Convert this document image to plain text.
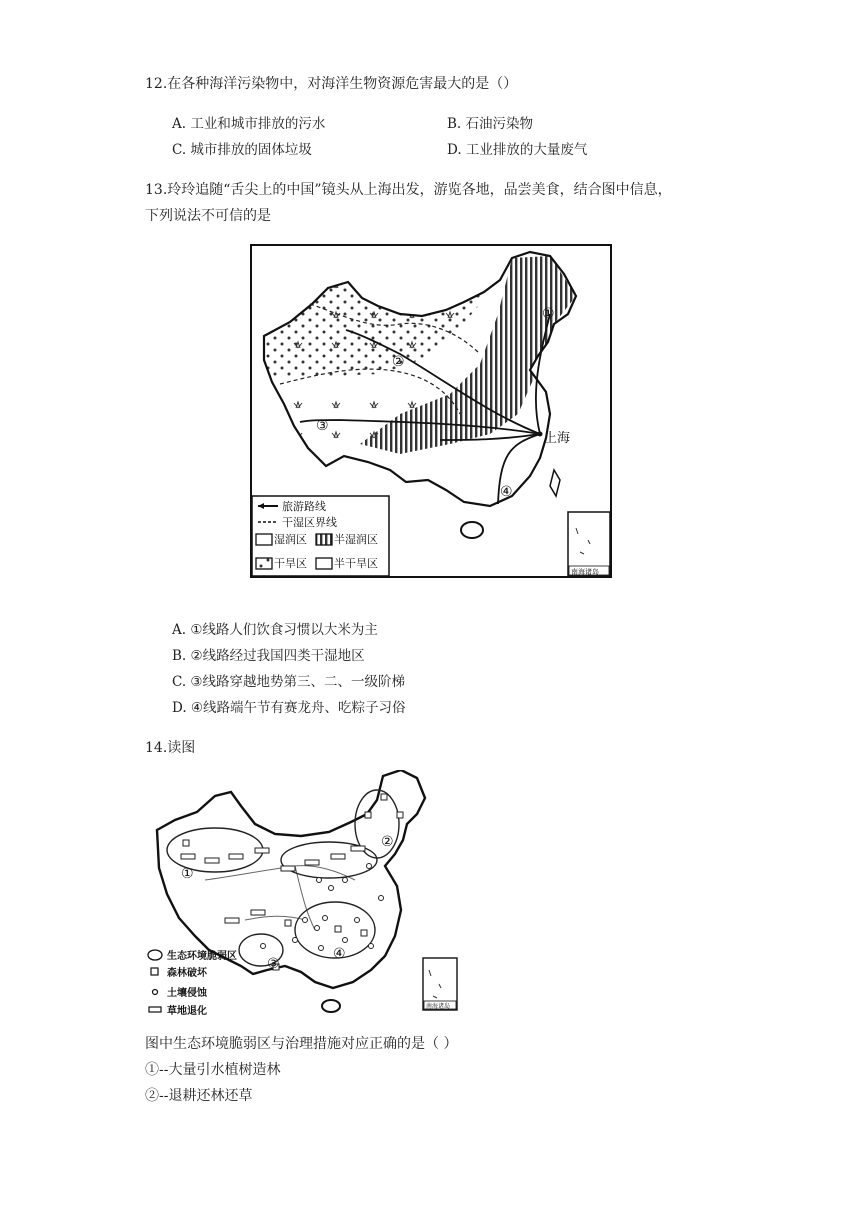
12.在各种海洋污染物中，对海洋生物资源危害最大的是（）
A. 工业和城市排放的污水	B. 石油污染物
C. 城市排放的固体垃圾	D. 工业排放的大量废气
13.玲玲追随“舌尖上的中国”镜头从上海出发，游览各地，品尝美食，结合图中信息，
下列说法不可信的是
上海
①
②
③
④
旅游路线
干湿区界线
湿润区 半湿润区
干旱区 半干旱区
南海诸岛
A. ①线路人们饮食习惯以大米为主
B. ②线路经过我国四类干湿地区
C. ③线路穿越地势第三、二、一级阶梯
D. ④线路端午节有赛龙舟、吃粽子习俗
14.读图
①
②
③
④
生态环境脆弱区
森林破坏
土壤侵蚀
草地退化	南海诸岛
图中生态环境脆弱区与治理措施对应正确的是（ ）
①--大量引水植树造林
②--退耕还林还草
